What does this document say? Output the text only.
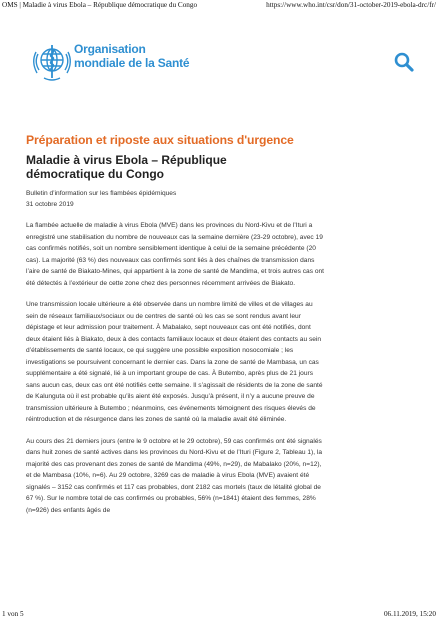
OMS | Maladie à virus Ebola – République démocratique du Congo	https://www.who.int/csr/don/31-october-2019-ebola-drc/fr/
Organisation
mondiale de la Santé
Préparation et riposte aux situations d'urgence
Maladie à virus Ebola – République démocratique du Congo
Bulletin d’information sur les flambées épidémiques
31 octobre 2019

La flambée actuelle de maladie à virus Ebola (MVE) dans les provinces du Nord-Kivu et de l’Ituri a enregistré une stabilisation du nombre de nouveaux cas la semaine dernière (23-29 octobre), avec 19 cas confirmés notifiés, soit un nombre sensiblement identique à celui de la semaine précédente (20 cas). La majorité (63 %) des nouveaux cas confirmés sont liés à des chaînes de transmission dans l’aire de santé de Biakato-Mines, qui appartient à la zone de santé de Mandima, et trois autres cas ont été détectés à l’extérieur de cette zone chez des personnes récemment arrivées de Biakato.

Une transmission locale ultérieure a été observée dans un nombre limité de villes et de villages au sein de réseaux familiaux/sociaux ou de centres de santé où les cas se sont rendus avant leur dépistage et leur admission pour traitement. À Mabalako, sept nouveaux cas ont été notifiés, dont deux étaient liés à Biakato, deux à des contacts familiaux locaux et deux étaient des contacts au sein d’établissements de santé locaux, ce qui suggère une possible exposition nosocomiale ; les investigations se poursuivent concernant le dernier cas. Dans la zone de santé de Mambasa, un cas supplémentaire a été signalé, lié à un important groupe de cas. À Butembo, après plus de 21 jours sans aucun cas, deux cas ont été notifiés cette semaine. Il s’agissait de résidents de la zone de santé de Kalunguta où il est probable qu’ils aient été exposés. Jusqu’à présent, il n’y a aucune preuve de transmission ultérieure à Butembo ; néanmoins, ces événements témoignent des risques élevés de réintroduction et de résurgence dans les zones de santé où la maladie avait été éliminée.

Au cours des 21 derniers jours (entre le 9 octobre et le 29 octobre), 59 cas confirmés ont été signalés dans huit zones de santé actives dans les provinces du Nord-Kivu et de l’Ituri (Figure 2, Tableau 1), la majorité des cas provenant des zones de santé de Mandima (49%, n=29), de Mabalako (20%, n=12), et de Mambasa (10%, n=6). Au 29 octobre, 3269 cas de maladie à virus Ebola (MVE) avaient été signalés – 3152 cas confirmés et 117 cas probables, dont 2182 cas mortels (taux de létalité global de 67 %). Sur le nombre total de cas confirmés ou probables, 56% (n=1841) étaient des femmes, 28% (n=926) des enfants âgés de

1 von 5	06.11.2019, 15:20
